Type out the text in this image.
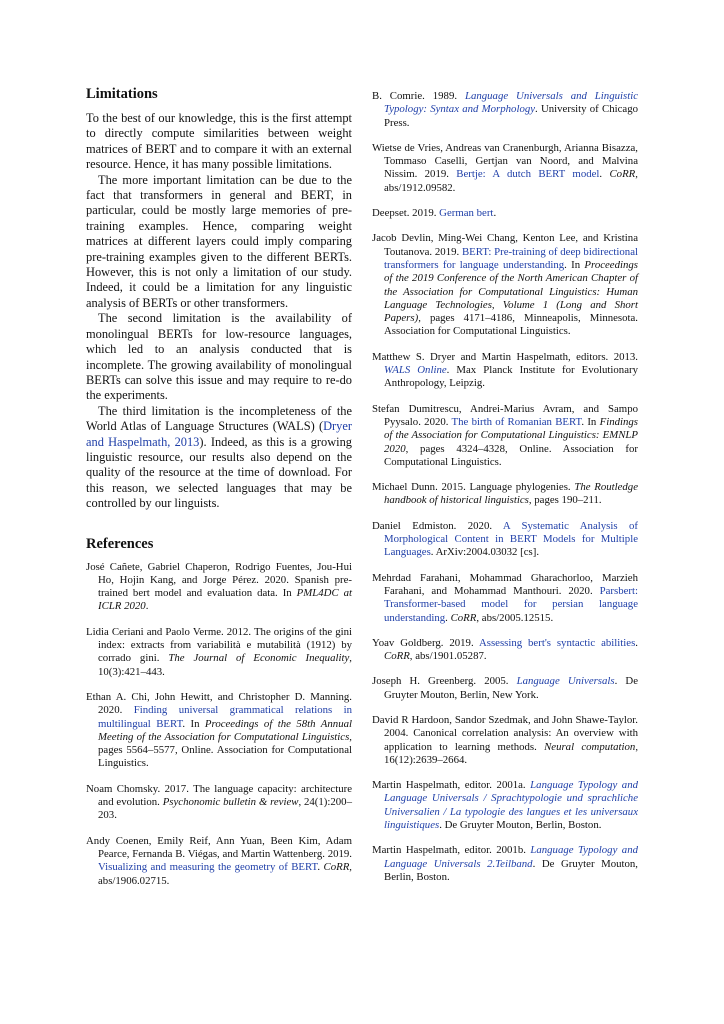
Limitations

To the best of our knowledge, this is the first attempt to directly compute similarities between weight matrices of BERT and to compare it with an external resource. Hence, it has many possible limitations.

The more important limitation can be due to the fact that transformers in general and BERT, in particular, could be mostly large memories of pre-training examples. Hence, comparing weight matrices at different layers could imply comparing pre-training examples given to the different BERTs. However, this is not only a limitation of our study. Indeed, it could be a limitation for any linguistic analysis of BERTs or other transformers.

The second limitation is the availability of monolingual BERTs for low-resource languages, which led to an analysis conducted that is incomplete. The growing availability of monolingual BERTs can solve this issue and may require to re-do the experiments.

The third limitation is the incompleteness of the World Atlas of Language Structures (WALS) (Dryer and Haspelmath, 2013). Indeed, as this is a growing linguistic resource, our results also depend on the quality of the resource at the time of download. For this reason, we selected languages that may be controlled by our linguists.

References

José Cañete, Gabriel Chaperon, Rodrigo Fuentes, Jou-Hui Ho, Hojin Kang, and Jorge Pérez. 2020. Spanish pre-trained bert model and evaluation data. In PML4DC at ICLR 2020.

Lidia Ceriani and Paolo Verme. 2012. The origins of the gini index: extracts from variabilità e mutabilità (1912) by corrado gini. The Journal of Economic Inequality, 10(3):421–443.

Ethan A. Chi, John Hewitt, and Christopher D. Manning. 2020. Finding universal grammatical relations in multilingual BERT. In Proceedings of the 58th Annual Meeting of the Association for Computational Linguistics, pages 5564–5577, Online. Association for Computational Linguistics.

Noam Chomsky. 2017. The language capacity: architecture and evolution. Psychonomic bulletin & review, 24(1):200–203.

Andy Coenen, Emily Reif, Ann Yuan, Been Kim, Adam Pearce, Fernanda B. Viégas, and Martin Wattenberg. 2019. Visualizing and measuring the geometry of BERT. CoRR, abs/1906.02715.

B. Comrie. 1989. Language Universals and Linguistic Typology: Syntax and Morphology. University of Chicago Press.

Wietse de Vries, Andreas van Cranenburgh, Arianna Bisazza, Tommaso Caselli, Gertjan van Noord, and Malvina Nissim. 2019. Bertje: A dutch BERT model. CoRR, abs/1912.09582.

Deepset. 2019. German bert.

Jacob Devlin, Ming-Wei Chang, Kenton Lee, and Kristina Toutanova. 2019. BERT: Pre-training of deep bidirectional transformers for language understanding. In Proceedings of the 2019 Conference of the North American Chapter of the Association for Computational Linguistics: Human Language Technologies, Volume 1 (Long and Short Papers), pages 4171–4186, Minneapolis, Minnesota. Association for Computational Linguistics.

Matthew S. Dryer and Martin Haspelmath, editors. 2013. WALS Online. Max Planck Institute for Evolutionary Anthropology, Leipzig.

Stefan Dumitrescu, Andrei-Marius Avram, and Sampo Pyysalo. 2020. The birth of Romanian BERT. In Findings of the Association for Computational Linguistics: EMNLP 2020, pages 4324–4328, Online. Association for Computational Linguistics.

Michael Dunn. 2015. Language phylogenies. The Routledge handbook of historical linguistics, pages 190–211.

Daniel Edmiston. 2020. A Systematic Analysis of Morphological Content in BERT Models for Multiple Languages. ArXiv:2004.03032 [cs].

Mehrdad Farahani, Mohammad Gharachorloo, Marzieh Farahani, and Mohammad Manthouri. 2020. Parsbert: Transformer-based model for persian language understanding. CoRR, abs/2005.12515.

Yoav Goldberg. 2019. Assessing bert's syntactic abilities. CoRR, abs/1901.05287.

Joseph H. Greenberg. 2005. Language Universals. De Gruyter Mouton, Berlin, New York.

David R Hardoon, Sandor Szedmak, and John Shawe-Taylor. 2004. Canonical correlation analysis: An overview with application to learning methods. Neural computation, 16(12):2639–2664.

Martin Haspelmath, editor. 2001a. Language Typology and Language Universals / Sprachtypologie und sprachliche Universalien / La typologie des langues et les universaux linguistiques. De Gruyter Mouton, Berlin, Boston.

Martin Haspelmath, editor. 2001b. Language Typology and Language Universals 2.Teilband. De Gruyter Mouton, Berlin, Boston.
